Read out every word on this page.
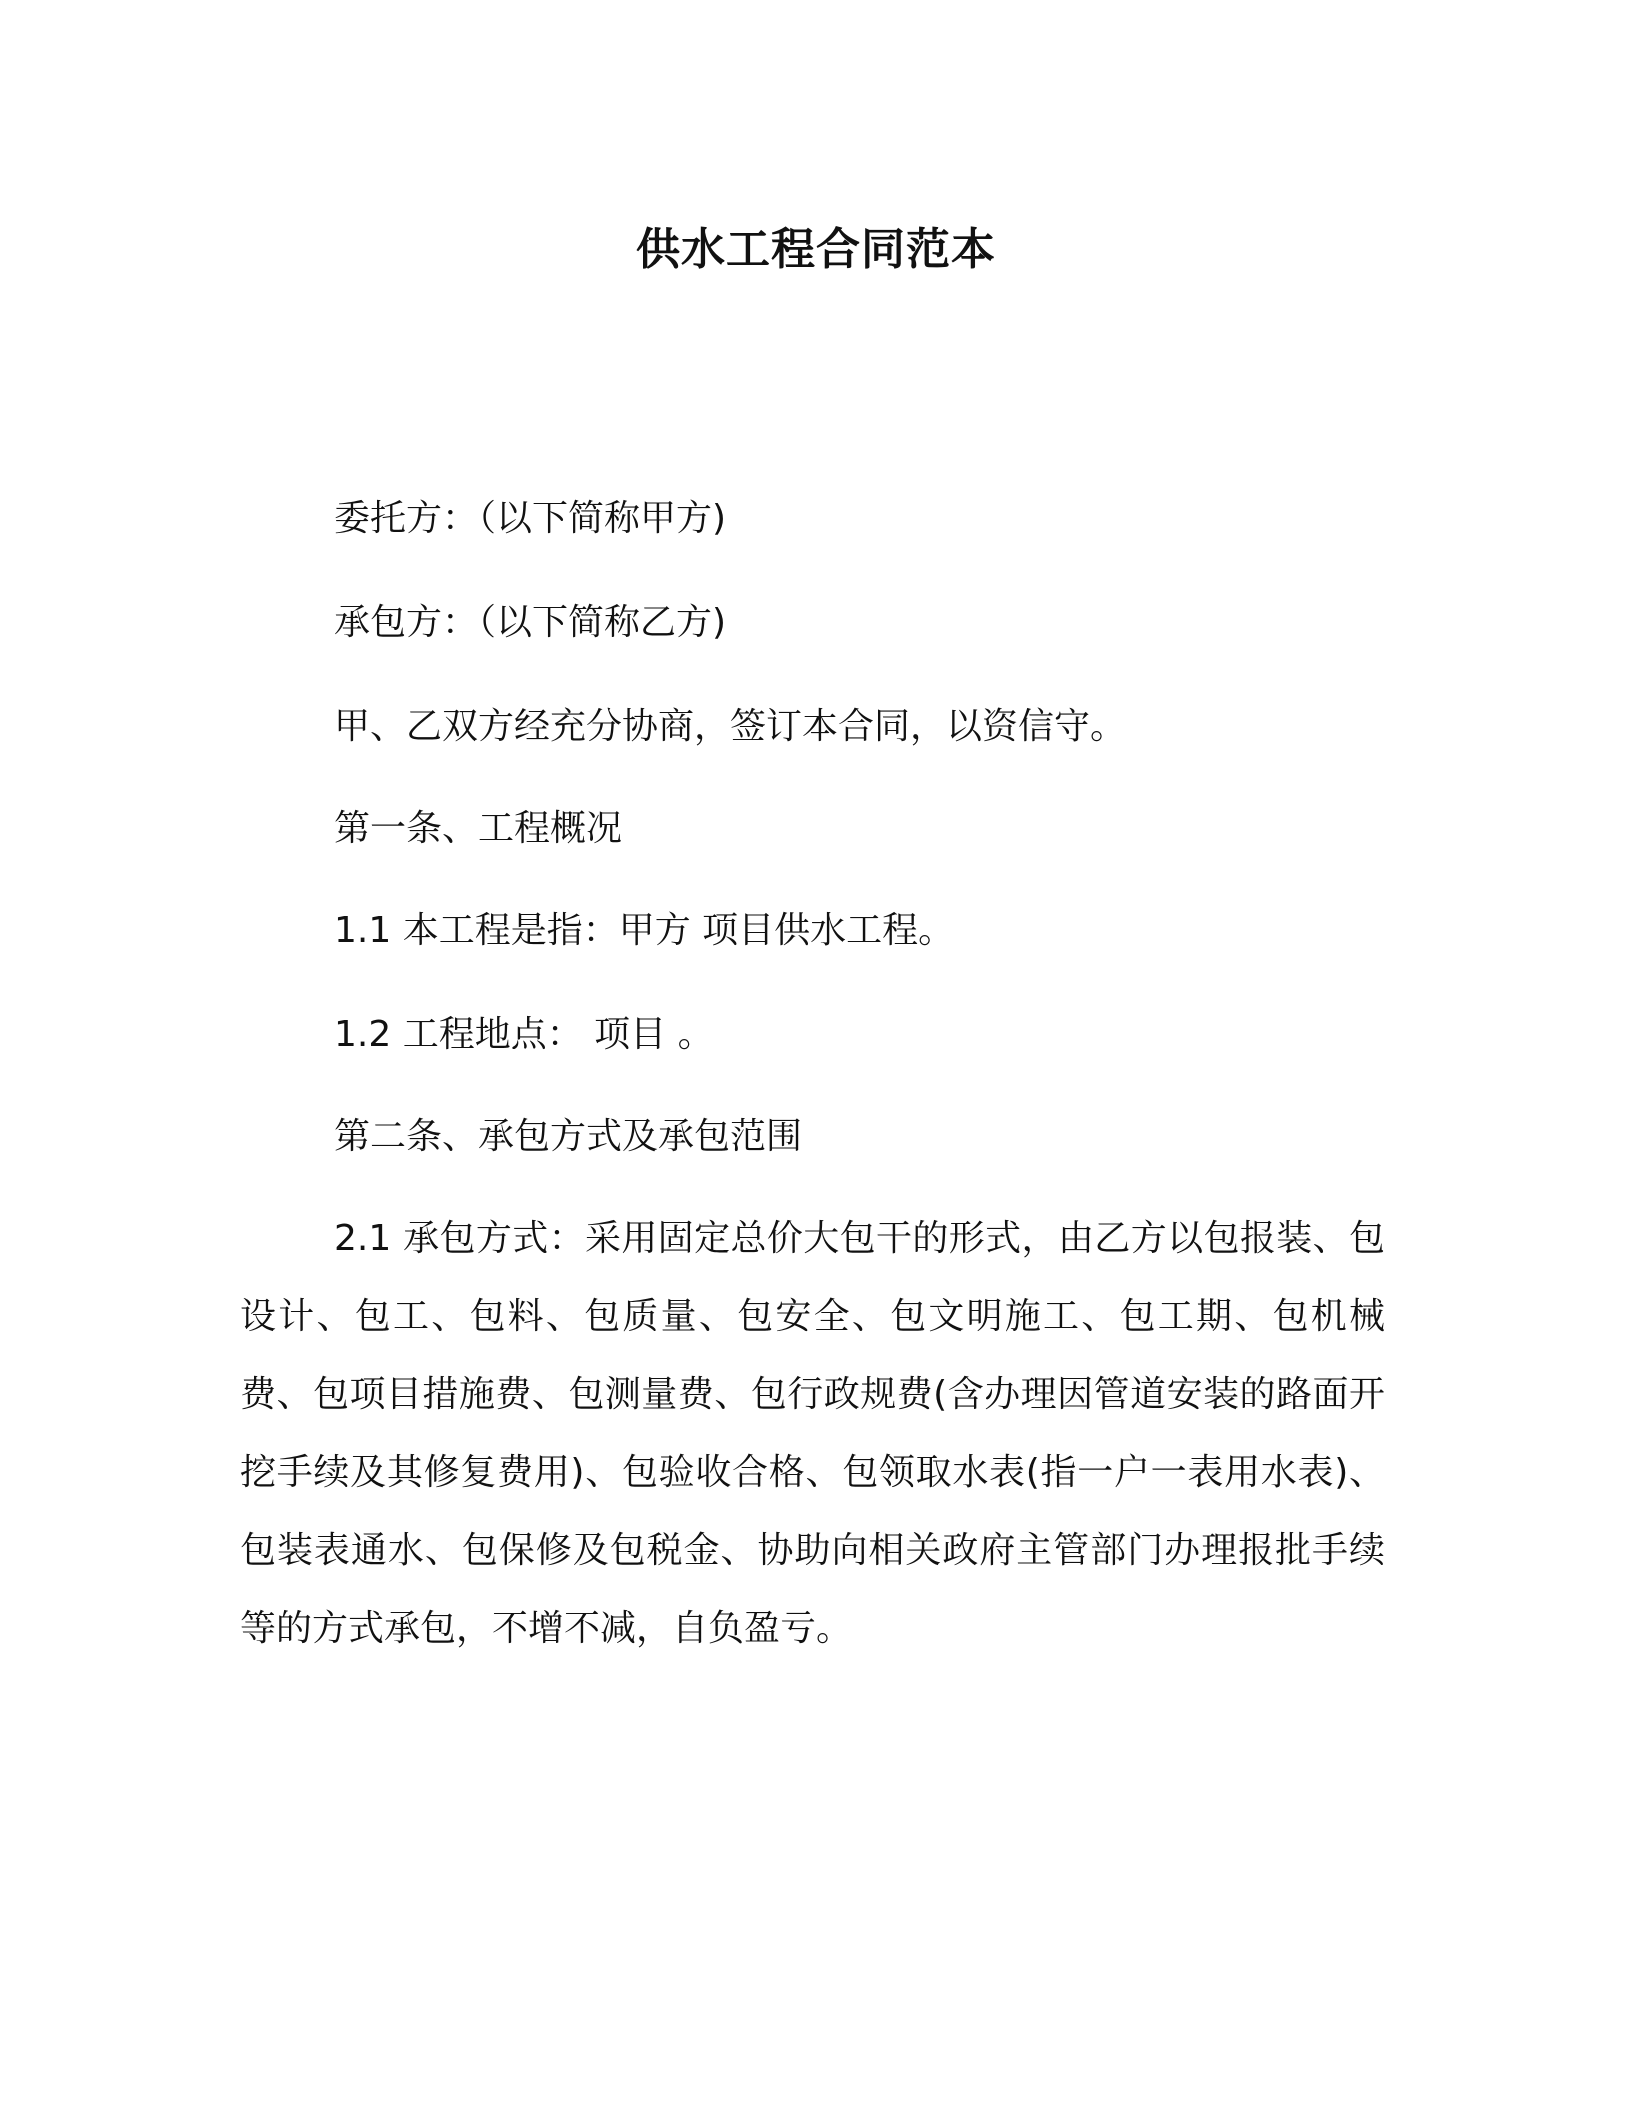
供水工程合同范本
委托方：（以下简称甲方)
承包方：（以下简称乙方)
甲、乙双方经充分协商，签订本合同，以资信守。
第一条、工程概况
1.1 本工程是指：甲方 项目供水工程。
1.2 工程地点： 项目 。
第二条、承包方式及承包范围
2.1 承包方式：采用固定总价大包干的形式，由乙方以包报装、包设计、包工、包料、包质量、包安全、包文明施工、包工期、包机械费、包项目措施费、包测量费、包行政规费(含办理因管道安装的路面开挖手续及其修复费用)、包验收合格、包领取水表(指一户一表用水表)、包装表通水、包保修及包税金、协助向相关政府主管部门办理报批手续等的方式承包，不增不减，自负盈亏。
